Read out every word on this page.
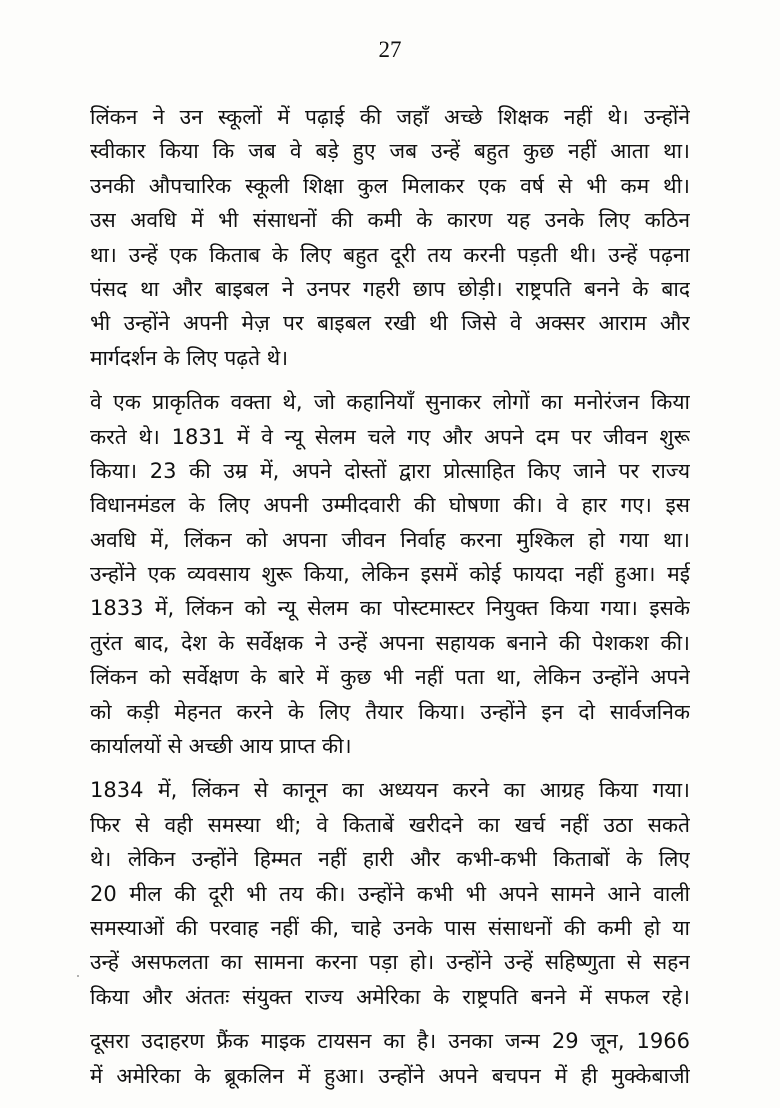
27
लिंकन ने उन स्कूलों में पढ़ाई की जहाँ अच्छे शिक्षक नहीं थे। उन्होंने
स्वीकार किया कि जब वे बड़े हुए जब उन्हें बहुत कुछ नहीं आता था।
उनकी औपचारिक स्कूली शिक्षा कुल मिलाकर एक वर्ष से भी कम थी।
उस अवधि में भी संसाधनों की कमी के कारण यह उनके लिए कठिन
था। उन्हें एक किताब के लिए बहुत दूरी तय करनी पड़ती थी। उन्हें पढ़ना
पंसद था और बाइबल ने उनपर गहरी छाप छोड़ी। राष्ट्रपति बनने के बाद
भी उन्होंने अपनी मेज़ पर बाइबल रखी थी जिसे वे अक्सर आराम और
मार्गदर्शन के लिए पढ़ते थे।
वे एक प्राकृतिक वक्ता थे, जो कहानियाँ सुनाकर लोगों का मनोरंजन किया
करते थे। 1831 में वे न्यू सेलम चले गए और अपने दम पर जीवन शुरू
किया। 23 की उम्र में, अपने दोस्तों द्वारा प्रोत्साहित किए जाने पर राज्य
विधानमंडल के लिए अपनी उम्मीदवारी की घोषणा की। वे हार गए। इस
अवधि में, लिंकन को अपना जीवन निर्वाह करना मुश्किल हो गया था।
उन्होंने एक व्यवसाय शुरू किया, लेकिन इसमें कोई फायदा नहीं हुआ। मई
1833 में, लिंकन को न्यू सेलम का पोस्टमास्टर नियुक्त किया गया। इसके
तुरंत बाद, देश के सर्वेक्षक ने उन्हें अपना सहायक बनाने की पेशकश की।
लिंकन को सर्वेक्षण के बारे में कुछ भी नहीं पता था, लेकिन उन्होंने अपने
को कड़ी मेहनत करने के लिए तैयार किया। उन्होंने इन दो सार्वजनिक
कार्यालयों से अच्छी आय प्राप्त की।
1834 में, लिंकन से कानून का अध्ययन करने का आग्रह किया गया।
फिर से वही समस्या थी; वे किताबें खरीदने का खर्च नहीं उठा सकते
थे। लेकिन उन्होंने हिम्मत नहीं हारी और कभी-कभी किताबों के लिए
20 मील की दूरी भी तय की। उन्होंने कभी भी अपने सामने आने वाली
समस्याओं की परवाह नहीं की, चाहे उनके पास संसाधनों की कमी हो या
उन्हें असफलता का सामना करना पड़ा हो। उन्होंने उन्हें सहिष्णुता से सहन
किया और अंततः संयुक्त राज्य अमेरिका के राष्ट्रपति बनने में सफल रहे।
दूसरा उदाहरण फ्रैंक माइक टायसन का है। उनका जन्म 29 जून, 1966
में अमेरिका के ब्रूकलिन में हुआ। उन्होंने अपने बचपन में ही मुक्केबाजी
